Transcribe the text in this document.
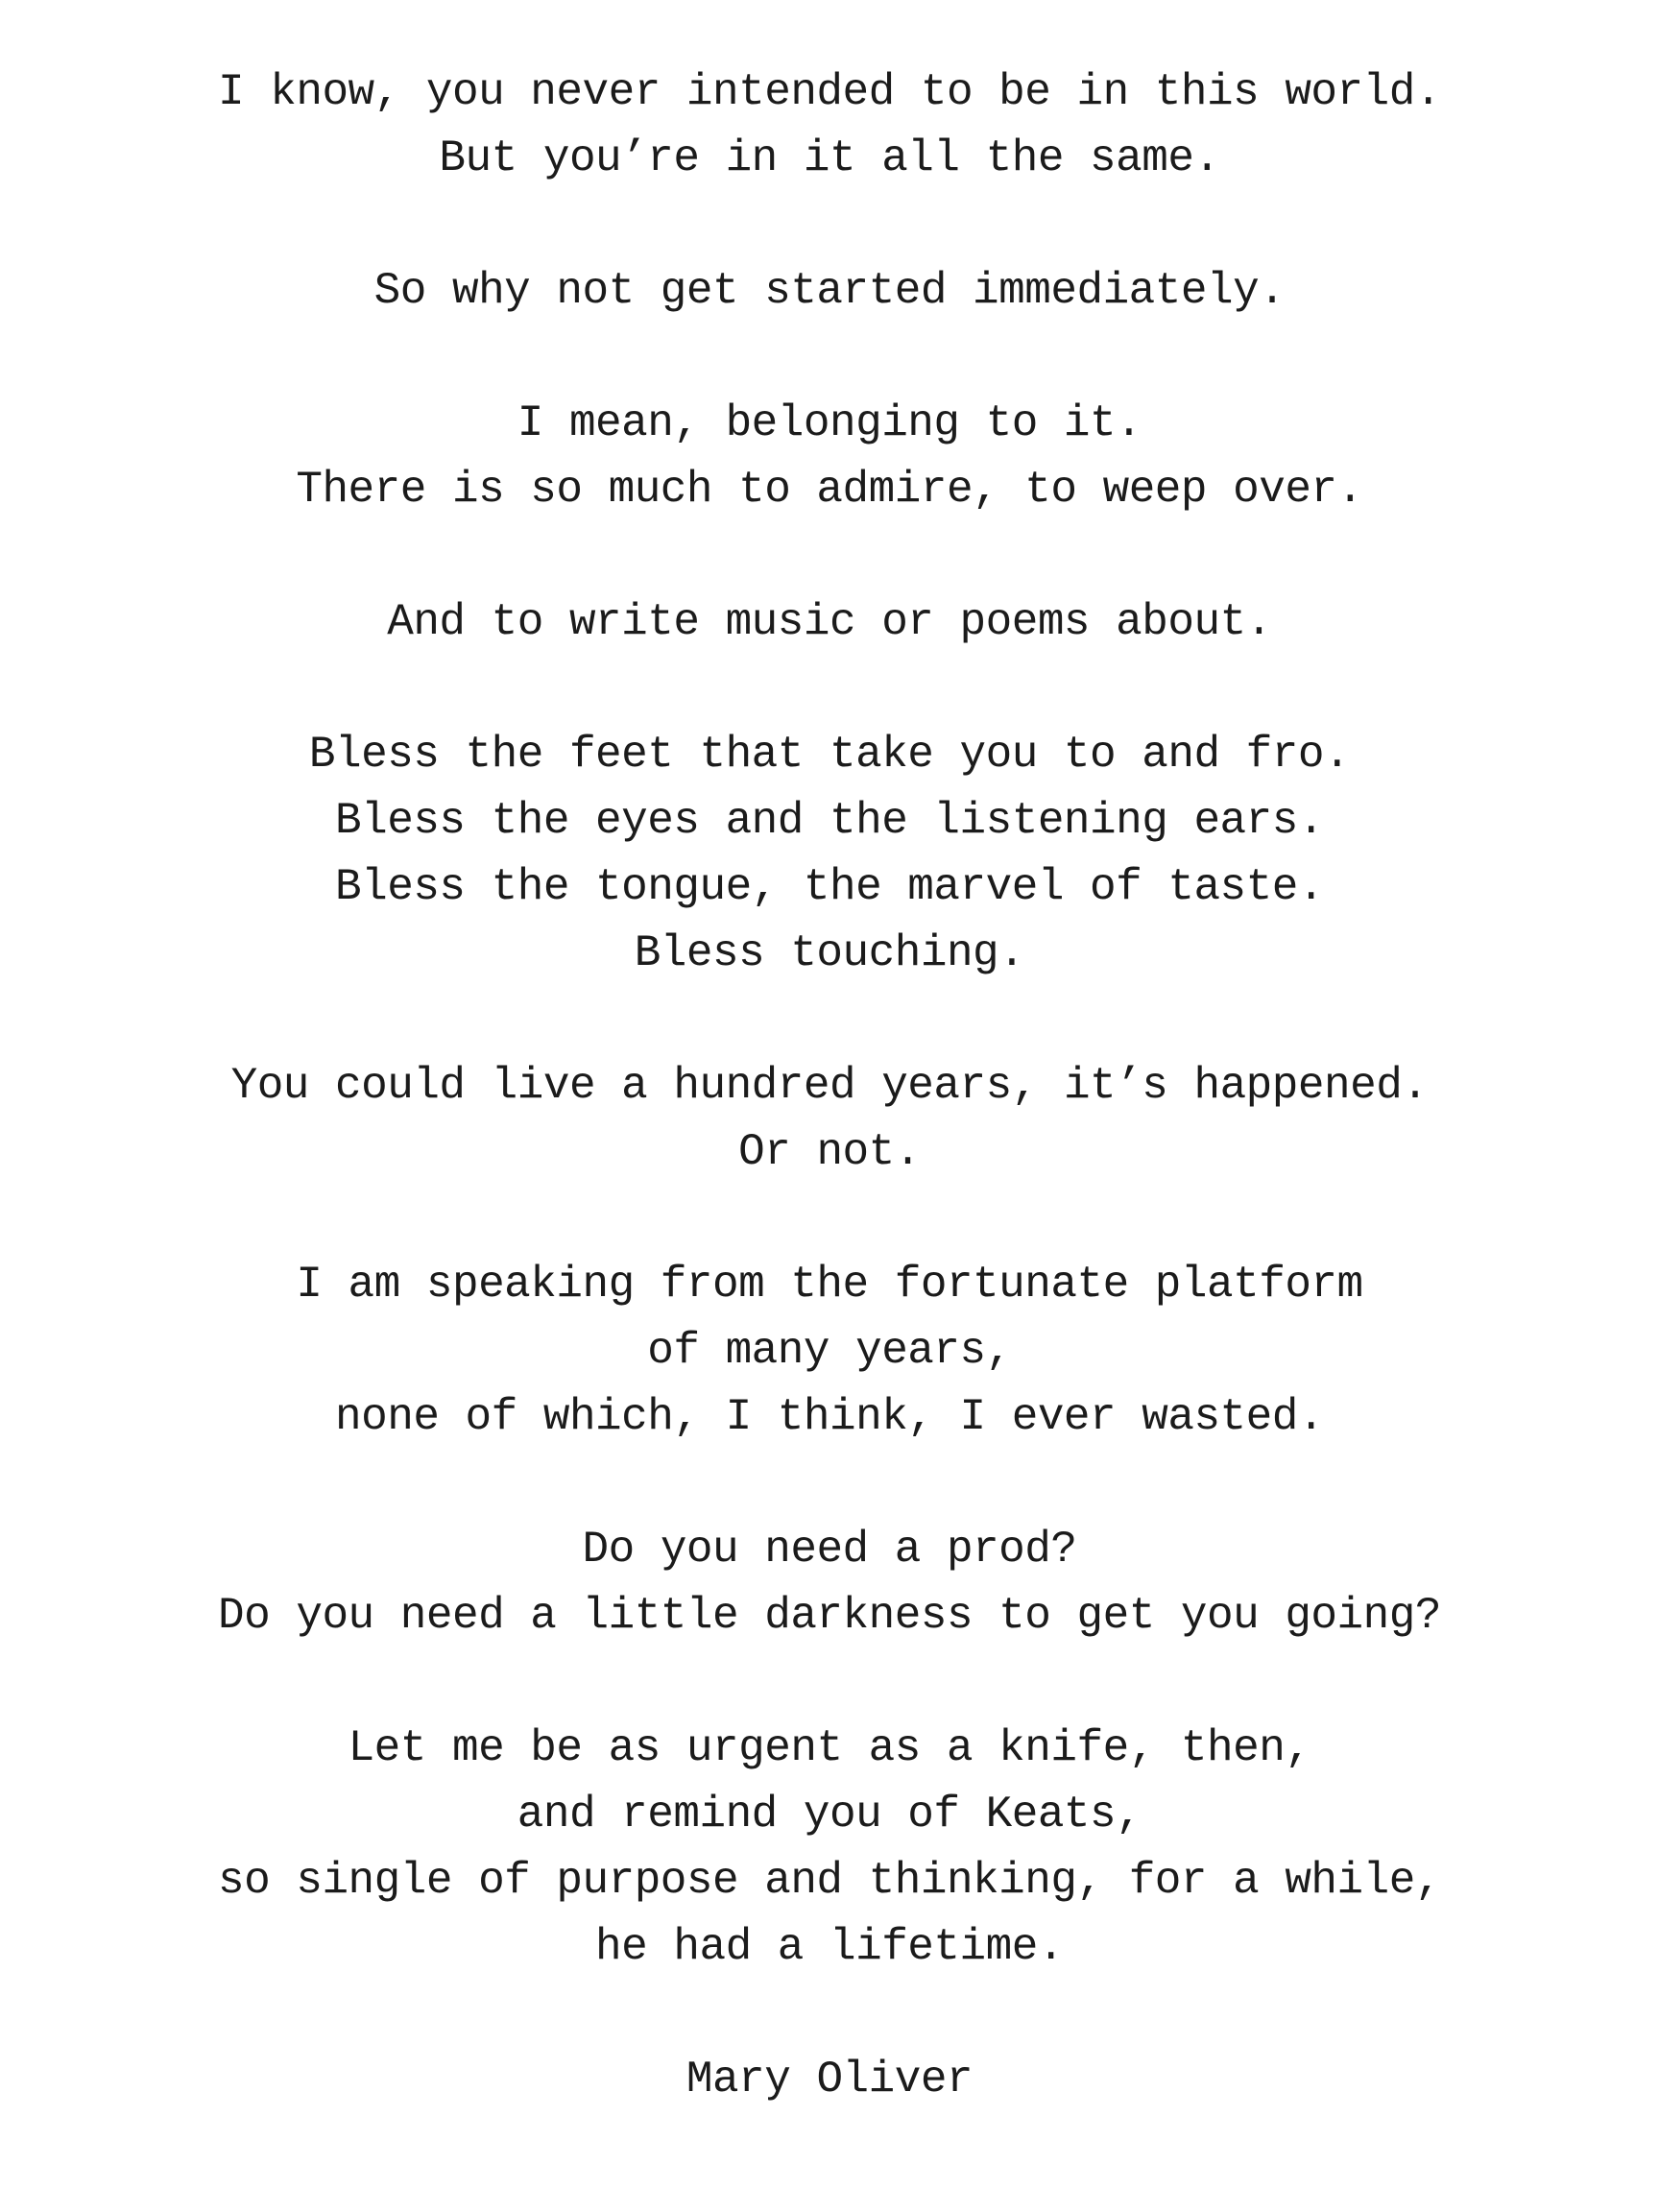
I know, you never intended to be in this world.
But you’re in it all the same.
So why not get started immediately.
I mean, belonging to it.
There is so much to admire, to weep over.
And to write music or poems about.
Bless the feet that take you to and fro.
Bless the eyes and the listening ears.
Bless the tongue, the marvel of taste.
Bless touching.
You could live a hundred years, it’s happened.
Or not.
I am speaking from the fortunate platform
of many years,
none of which, I think, I ever wasted.
Do you need a prod?
Do you need a little darkness to get you going?
Let me be as urgent as a knife, then,
and remind you of Keats,
so single of purpose and thinking, for a while,
he had a lifetime.
Mary Oliver
